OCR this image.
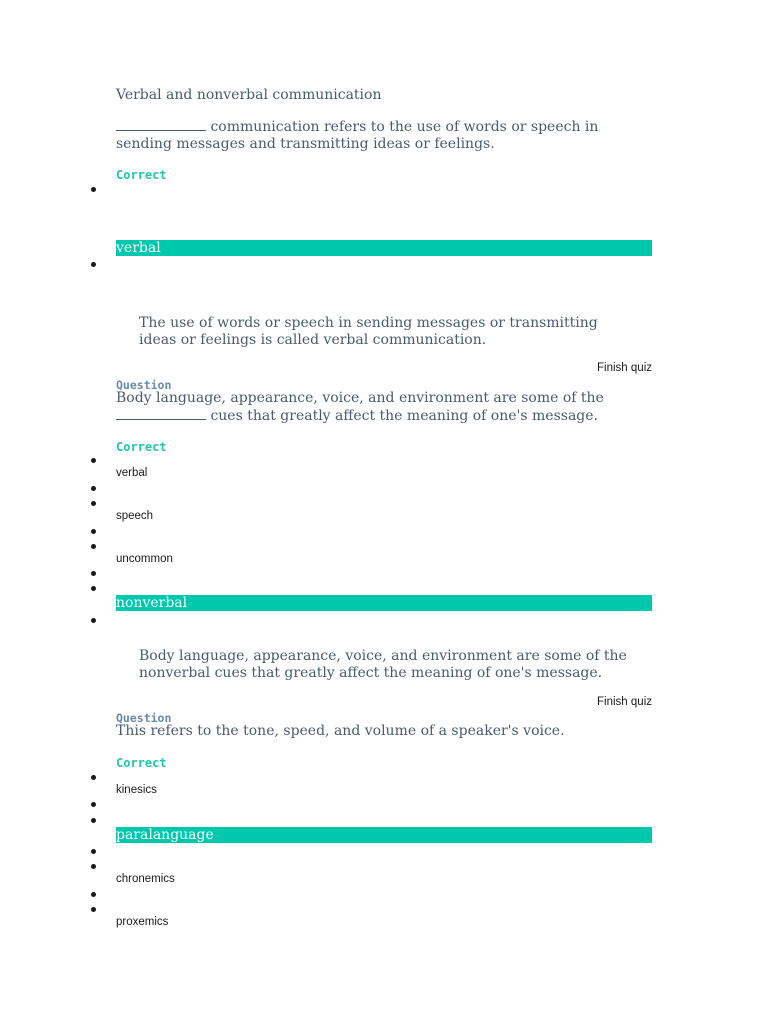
Verbal and nonverbal communication
communication refers to the use of words or speech in sending messages and transmitting ideas or feelings.
Correct
verbal
The use of words or speech in sending messages or transmitting ideas or feelings is called verbal communication.
Finish quiz
Question
Body language, appearance, voice, and environment are some of the  cues that greatly affect the meaning of one's message.
Correct
verbal
speech
uncommon
nonverbal
Body language, appearance, voice, and environment are some of the nonverbal cues that greatly affect the meaning of one's message.
Finish quiz
Question
This refers to the tone, speed, and volume of a speaker's voice.
Correct
kinesics
paralanguage
chronemics
proxemics
